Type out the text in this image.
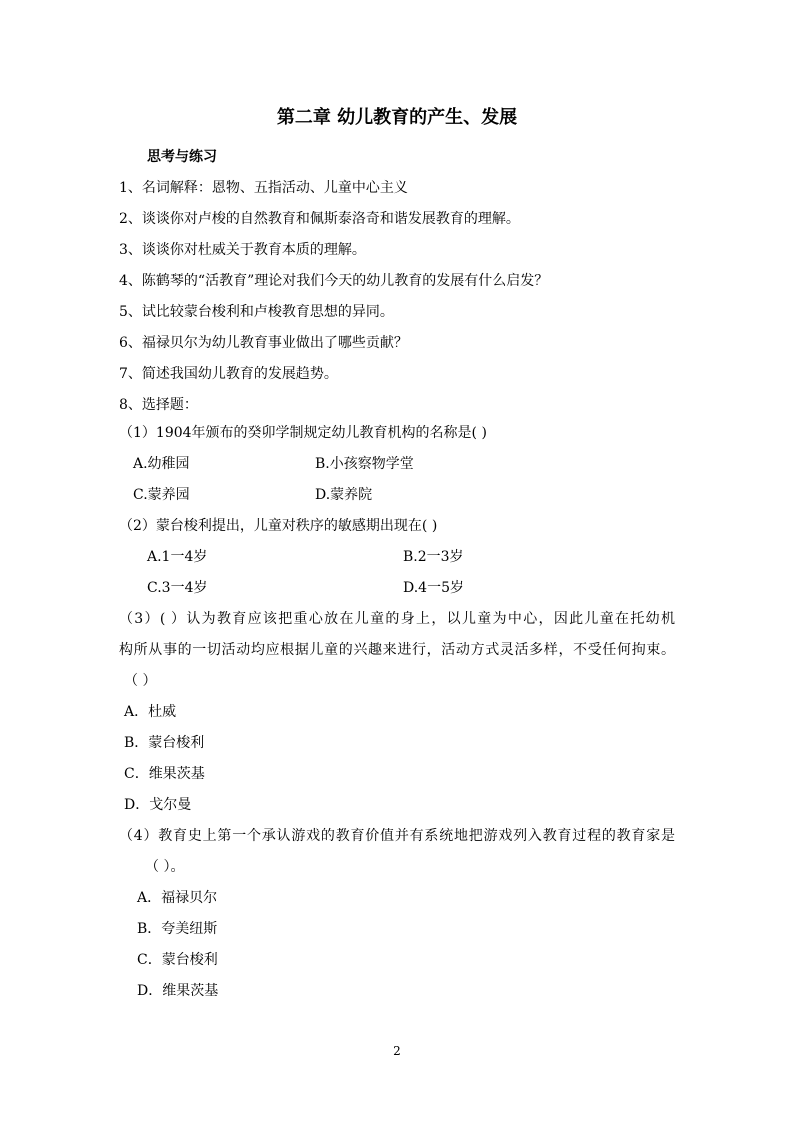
第二章 幼儿教育的产生、发展
思考与练习
1、名词解释：恩物、五指活动、儿童中心主义
2、谈谈你对卢梭的自然教育和佩斯泰洛奇和谐发展教育的理解。
3、谈谈你对杜威关于教育本质的理解。
4、陈鹤琴的“活教育”理论对我们今天的幼儿教育的发展有什么启发？
5、试比较蒙台梭利和卢梭教育思想的异同。
6、福禄贝尔为幼儿教育事业做出了哪些贡献？
7、简述我国幼儿教育的发展趋势。
8、选择题：
（1）1904年颁布的癸卯学制规定幼儿教育机构的名称是( )
A.幼稚园	B.小孩察物学堂
C.蒙养园	D.蒙养院
（2）蒙台梭利提出，儿童对秩序的敏感期出现在( )
A.1一4岁	B.2一3岁
C.3一4岁	D.4一5岁
（3）( ）认为教育应该把重心放在儿童的身上，以儿童为中心，因此儿童在托幼机
构所从事的一切活动均应根据儿童的兴趣来进行，活动方式灵活多样，不受任何拘束。
（ ）
A．杜威
B．蒙台梭利
C．维果茨基
D．戈尔曼
（4）教育史上第一个承认游戏的教育价值并有系统地把游戏列入教育过程的教育家是
（ ）。
A．福禄贝尔
B．夸美纽斯
C．蒙台梭利
D．维果茨基
2
